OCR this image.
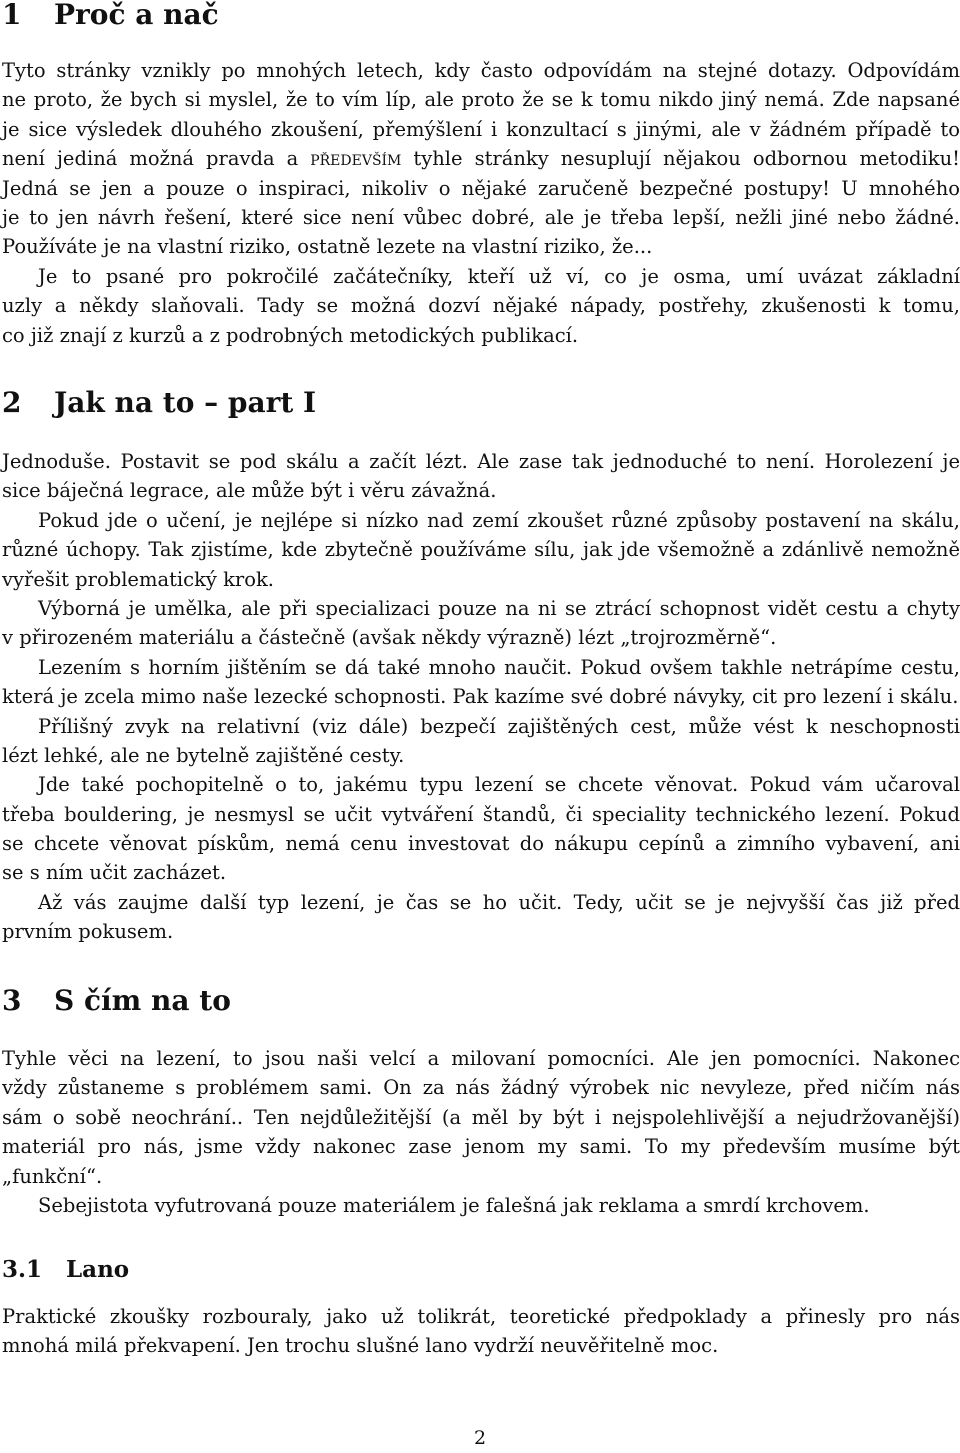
1 Proč a nač
Tyto stránky vznikly po mnohých letech, kdy často odpovídám na stejné dotazy. Odpovídám
ne proto, že bych si myslel, že to vím líp, ale proto že se k tomu nikdo jiný nemá. Zde napsané
je sice výsledek dlouhého zkoušení, přemýšlení i konzultací s jinými, ale v žádném případě to
není jediná možná pravda a především tyhle stránky nesuplují nějakou odbornou metodiku!
Jedná se jen a pouze o inspiraci, nikoliv o nějaké zaručeně bezpečné postupy! U mnohého
je to jen návrh řešení, které sice není vůbec dobré, ale je třeba lepší, nežli jiné nebo žádné.
Používáte je na vlastní riziko, ostatně lezete na vlastní riziko, že...
Je to psané pro pokročilé začátečníky, kteří už ví, co je osma, umí uvázat základní
uzly a někdy slaňovali. Tady se možná dozví nějaké nápady, postřehy, zkušenosti k tomu,
co již znají z kurzů a z podrobných metodických publikací.
2 Jak na to – part I
Jednoduše. Postavit se pod skálu a začít lézt. Ale zase tak jednoduché to není. Horolezení je
sice báječná legrace, ale může být i věru závažná.
Pokud jde o učení, je nejlépe si nízko nad zemí zkoušet různé způsoby postavení na skálu,
různé úchopy. Tak zjistíme, kde zbytečně používáme sílu, jak jde všemožně a zdánlivě nemožně
vyřešit problematický krok.
Výborná je umělka, ale při specializaci pouze na ni se ztrácí schopnost vidět cestu a chyty
v přirozeném materiálu a částečně (avšak někdy výrazně) lézt „trojrozměrně“.
Lezením s horním jištěním se dá také mnoho naučit. Pokud ovšem takhle netrápíme cestu,
která je zcela mimo naše lezecké schopnosti. Pak kazíme své dobré návyky, cit pro lezení i skálu.
Přílišný zvyk na relativní (viz dále) bezpečí zajištěných cest, může vést k neschopnosti
lézt lehké, ale ne bytelně zajištěné cesty.
Jde také pochopitelně o to, jakému typu lezení se chcete věnovat. Pokud vám učaroval
třeba bouldering, je nesmysl se učit vytváření štandů, či speciality technického lezení. Pokud
se chcete věnovat pískům, nemá cenu investovat do nákupu cepínů a zimního vybavení, ani
se s ním učit zacházet.
Až vás zaujme další typ lezení, je čas se ho učit. Tedy, učit se je nejvyšší čas již před
prvním pokusem.
3 S čím na to
Tyhle věci na lezení, to jsou naši velcí a milovaní pomocníci. Ale jen pomocníci. Nakonec
vždy zůstaneme s problémem sami. On za nás žádný výrobek nic nevyleze, před ničím nás
sám o sobě neochrání.. Ten nejdůležitější (a měl by být i nejspolehlivější a nejudržovanější)
materiál pro nás, jsme vždy nakonec zase jenom my sami. To my především musíme být
„funkční“.
Sebejistota vyfutrovaná pouze materiálem je falešná jak reklama a smrdí krchovem.
3.1 Lano
Praktické zkoušky rozbouraly, jako už tolikrát, teoretické předpoklady a přinesly pro nás
mnohá milá překvapení. Jen trochu slušné lano vydrží neuvěřitelně moc.
2
